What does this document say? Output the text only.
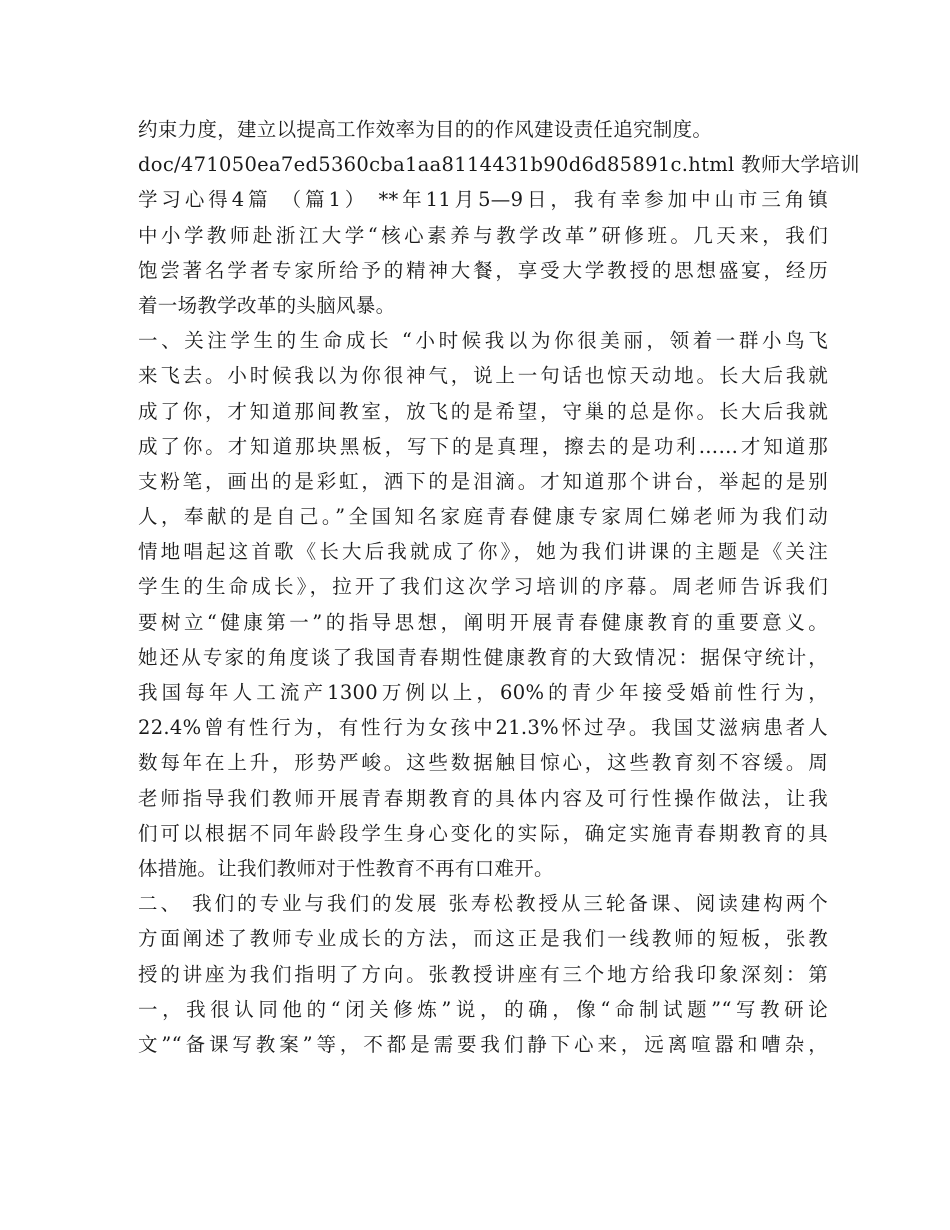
约束力度，建立以提高工作效率为目的的作风建设责任追究制度。
doc/471050ea7ed5360cba1aa8114431b90d6d85891c.html 教师大学培训
学习心得4篇 （篇1） **年11月5—9日，我有幸参加中山市三角镇
中小学教师赴浙江大学“核心素养与教学改革”研修班。几天来，我们
饱尝著名学者专家所给予的精神大餐，享受大学教授的思想盛宴，经历
着一场教学改革的头脑风暴。
一、关注学生的生命成长 “小时候我以为你很美丽，领着一群小鸟飞
来飞去。小时候我以为你很神气，说上一句话也惊天动地。长大后我就
成了你，才知道那间教室，放飞的是希望，守巢的总是你。长大后我就
成了你。才知道那块黑板，写下的是真理，擦去的是功利……才知道那
支粉笔，画出的是彩虹，洒下的是泪滴。才知道那个讲台，举起的是别
人，奉献的是自己。”全国知名家庭青春健康专家周仁娣老师为我们动
情地唱起这首歌《长大后我就成了你》，她为我们讲课的主题是《关注
学生的生命成长》，拉开了我们这次学习培训的序幕。周老师告诉我们
要树立“健康第一”的指导思想，阐明开展青春健康教育的重要意义。
她还从专家的角度谈了我国青春期性健康教育的大致情况：据保守统计，
我国每年人工流产1300万例以上，60%的青少年接受婚前性行为，
22.4%曾有性行为，有性行为女孩中21.3%怀过孕。我国艾滋病患者人
数每年在上升，形势严峻。这些数据触目惊心，这些教育刻不容缓。周
老师指导我们教师开展青春期教育的具体内容及可行性操作做法，让我
们可以根据不同年龄段学生身心变化的实际，确定实施青春期教育的具
体措施。让我们教师对于性教育不再有口难开。
二、 我们的专业与我们的发展 张寿松教授从三轮备课、阅读建构两个
方面阐述了教师专业成长的方法，而这正是我们一线教师的短板，张教
授的讲座为我们指明了方向。张教授讲座有三个地方给我印象深刻：第
一，我很认同他的“闭关修炼”说，的确，像“命制试题”“写教研论
文”“备课写教案”等，不都是需要我们静下心来，远离喧嚣和嘈杂，
